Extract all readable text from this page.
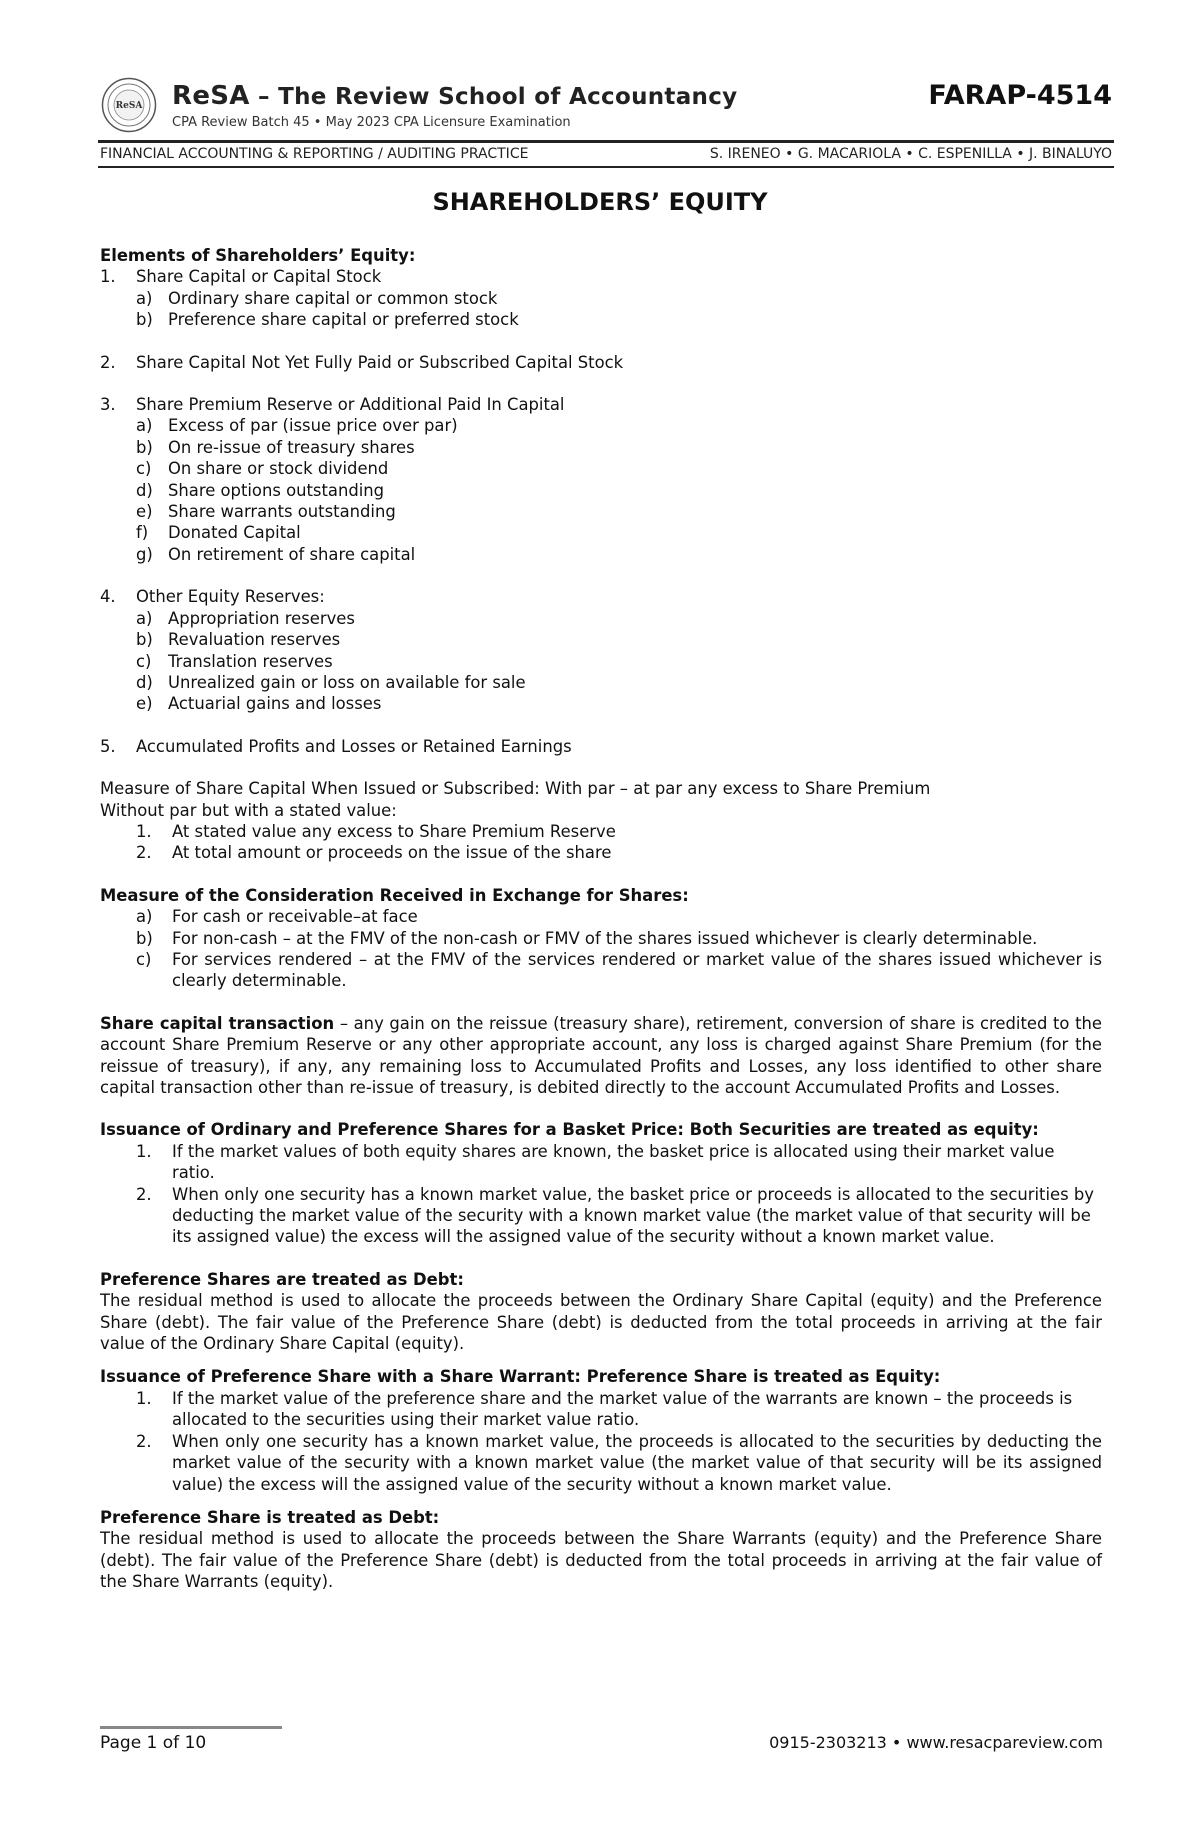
ReSA ReSA – The Review School of Accountancy
CPA Review Batch 45 • May 2023 CPA Licensure Examination
FARAP-4514
FINANCIAL ACCOUNTING & REPORTING / AUDITING PRACTICE	S. IRENEO • G. MACARIOLA • C. ESPENILLA • J. BINALUYO
SHAREHOLDERS’ EQUITY

Elements of Shareholders’ Equity:

1.	Share Capital or Capital Stock
a) Ordinary share capital or common stock
b) Preference share capital or preferred stock
2.	Share Capital Not Yet Fully Paid or Subscribed Capital Stock
3.	Share Premium Reserve or Additional Paid In Capital
a) Excess of par (issue price over par)
b) On re-issue of treasury shares
c)	On share or stock dividend
d) Share options outstanding
e) Share warrants outstanding
f)	Donated Capital
g) On retirement of share capital
4.	Other Equity Reserves:
a) Appropriation reserves
b) Revaluation reserves
c)	Translation reserves
d) Unrealized gain or loss on available for sale
e) Actuarial gains and losses
5.	Accumulated Profits and Losses or Retained Earnings

Measure of Share Capital When Issued or Subscribed: With par – at par any excess to Share Premium

Without par but with a stated value:

1.	At stated value any excess to Share Premium Reserve
2.	At total amount or proceeds on the issue of the share

Measure of the Consideration Received in Exchange for Shares:

a)	For cash or receivable–at face
b)	For non-cash – at the FMV of the non-cash or FMV of the shares issued whichever is clearly determinable.
c)	For services rendered – at the FMV of the services rendered or market value of the shares issued whichever is clearly determinable.

Share capital transaction – any gain on the reissue (treasury share), retirement, conversion of share is credited to the account Share Premium Reserve or any other appropriate account, any loss is charged against Share Premium (for the reissue of treasury), if any, any remaining loss to Accumulated Profits and Losses, any loss identified to other share capital transaction other than re-issue of treasury, is debited directly to the account Accumulated Profits and Losses.

Issuance of Ordinary and Preference Shares for a Basket Price: Both Securities are treated as equity:

1.	If the market values of both equity shares are known, the basket price is allocated using their market value ratio.
2.	When only one security has a known market value, the basket price or proceeds is allocated to the securities by deducting the market value of the security with a known market value (the market value of that security will be its assigned value) the excess will the assigned value of the security without a known market value.

Preference Shares are treated as Debt:

The residual method is used to allocate the proceeds between the Ordinary Share Capital (equity) and the Preference Share (debt). The fair value of the Preference Share (debt) is deducted from the total proceeds in arriving at the fair value of the Ordinary Share Capital (equity).

Issuance of Preference Share with a Share Warrant: Preference Share is treated as Equity:

1.	If the market value of the preference share and the market value of the warrants are known – the proceeds is allocated to the securities using their market value ratio.
2.	When only one security has a known market value, the proceeds is allocated to the securities by deducting the market value of the security with a known market value (the market value of that security will be its assigned value) the excess will the assigned value of the security without a known market value.

Preference Share is treated as Debt:

The residual method is used to allocate the proceeds between the Share Warrants (equity) and the Preference Share (debt). The fair value of the Preference Share (debt) is deducted from the total proceeds in arriving at the fair value of the Share Warrants (equity).

Page 1 of 10	0915-2303213 • www.resacpareview.com
